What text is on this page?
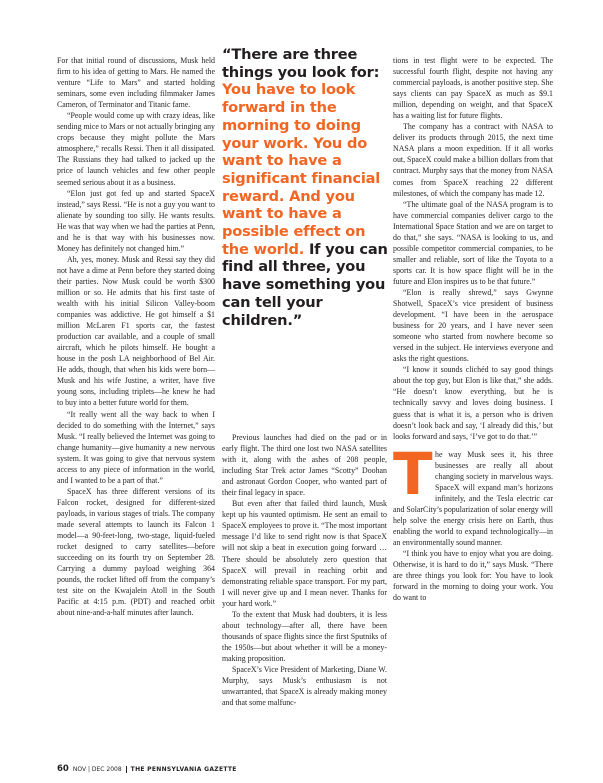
For that initial round of discussions, Musk held firm to his idea of getting to Mars. He named the venture “Life to Mars” and started holding seminars, some even including filmmaker James Cameron, of Terminator and Titanic fame.

“People would come up with crazy ideas, like sending mice to Mars or not actually bringing any crops because they might pollute the Mars atmosphere,” recalls Ressi. Then it all dissipated. The Russians they had talked to jacked up the price of launch vehicles and few other people seemed serious about it as a business.

“Elon just got fed up and started SpaceX instead,” says Ressi. “He is not a guy you want to alienate by sounding too silly. He wants results. He was that way when we had the parties at Penn, and he is that way with his businesses now. Money has definitely not changed him.”

Ah, yes, money. Musk and Ressi say they did not have a dime at Penn before they started doing their parties. Now Musk could be worth $300 million or so. He admits that his first taste of wealth with his initial Silicon Valley-boom companies was addictive. He got himself a $1 million McLaren F1 sports car, the fastest production car available, and a couple of small aircraft, which he pilots himself. He bought a house in the posh LA neighborhood of Bel Air. He adds, though, that when his kids were born—Musk and his wife Justine, a writer, have five young sons, including triplets—he knew he had to buy into a better future world for them.

“It really went all the way back to when I decided to do something with the Internet,” says Musk. “I really believed the Internet was going to change humanity—give humanity a new nervous system. It was going to give that nervous system access to any piece of information in the world, and I wanted to be a part of that.”

SpaceX has three different versions of its Falcon rocket, designed for different-sized payloads, in various stages of trials. The company made several attempts to launch its Falcon 1 model—a 90-feet-long, two-stage, liquid-fueled rocket designed to carry satellites—before succeeding on its fourth try on September 28. Carrying a dummy payload weighing 364 pounds, the rocket lifted off from the company’s test site on the Kwajalein Atoll in the South Pacific at 4:15 p.m. (PDT) and reached orbit about nine-and-a-half minutes after launch.

“There are three things you look for: You have to look forward in the morning to doing your work. You do want to have a significant financial reward. And you want to have a possible effect on the world. If you can find all three, you have something you can tell your children.”

Previous launches had died on the pad or in early flight. The third one lost two NASA satellites with it, along with the ashes of 208 people, including Star Trek actor James “Scotty” Doohan and astronaut Gordon Cooper, who wanted part of their final legacy in space.

But even after that failed third launch, Musk kept up his vaunted optimism. He sent an email to SpaceX employees to prove it. “The most important message I’d like to send right now is that SpaceX will not skip a beat in execution going forward … There should be absolutely zero question that SpaceX will prevail in reaching orbit and demonstrating reliable space transport. For my part, I will never give up and I mean never. Thanks for your hard work.”

To the extent that Musk had doubters, it is less about technology—after all, there have been thousands of space flights since the first Sputniks of the 1950s—but about whether it will be a money-making proposition.

SpaceX’s Vice President of Marketing, Diane W. Murphy, says Musk’s enthusiasm is not unwarranted, that SpaceX is already making money and that some malfunc-

tions in test flight were to be expected. The successful fourth flight, despite not having any commercial payloads, is another positive step. She says clients can pay SpaceX as much as $9.1 million, depending on weight, and that SpaceX has a waiting list for future flights.

The company has a contract with NASA to deliver its products through 2015, the next time NASA plans a moon expedition. If it all works out, SpaceX could make a billion dollars from that contract. Murphy says that the money from NASA comes from SpaceX reaching 22 different milestones, of which the company has made 12.

“The ultimate goal of the NASA program is to have commercial companies deliver cargo to the International Space Station and we are on target to do that,” she says. “NASA is looking to us, and possible competitor commercial companies, to be smaller and reliable, sort of like the Toyota to a sports car. It is how space flight will be in the future and Elon inspires us to be that future.”

“Elon is really shrewd,” says Gwynne Shotwell, SpaceX’s vice president of business development. “I have been in the aerospace business for 20 years, and I have never seen someone who started from nowhere become so versed in the subject. He interviews everyone and asks the right questions.

“I know it sounds clichéd to say good things about the top guy, but Elon is like that,” she adds. “He doesn’t know everything, but he is technically savvy and loves doing business. I guess that is what it is, a person who is driven doesn’t look back and say, ‘I already did this,’ but looks forward and says, ‘I’ve got to do that.’”

T he way Musk sees it, his three businesses are really all about changing society in marvelous ways. SpaceX will expand man’s horizons infinitely, and the Tesla electric car and SolarCity’s popularization of solar energy will help solve the energy crisis here on Earth, thus enabling the world to expand technologically—in an environmentally sound manner.

“I think you have to enjoy what you are doing. Otherwise, it is hard to do it,” says Musk. “There are three things you look for: You have to look forward in the morning to doing your work. You do want to

60 NOV | DEC 2008 THE PENNSYLVANIA GAZETTE
